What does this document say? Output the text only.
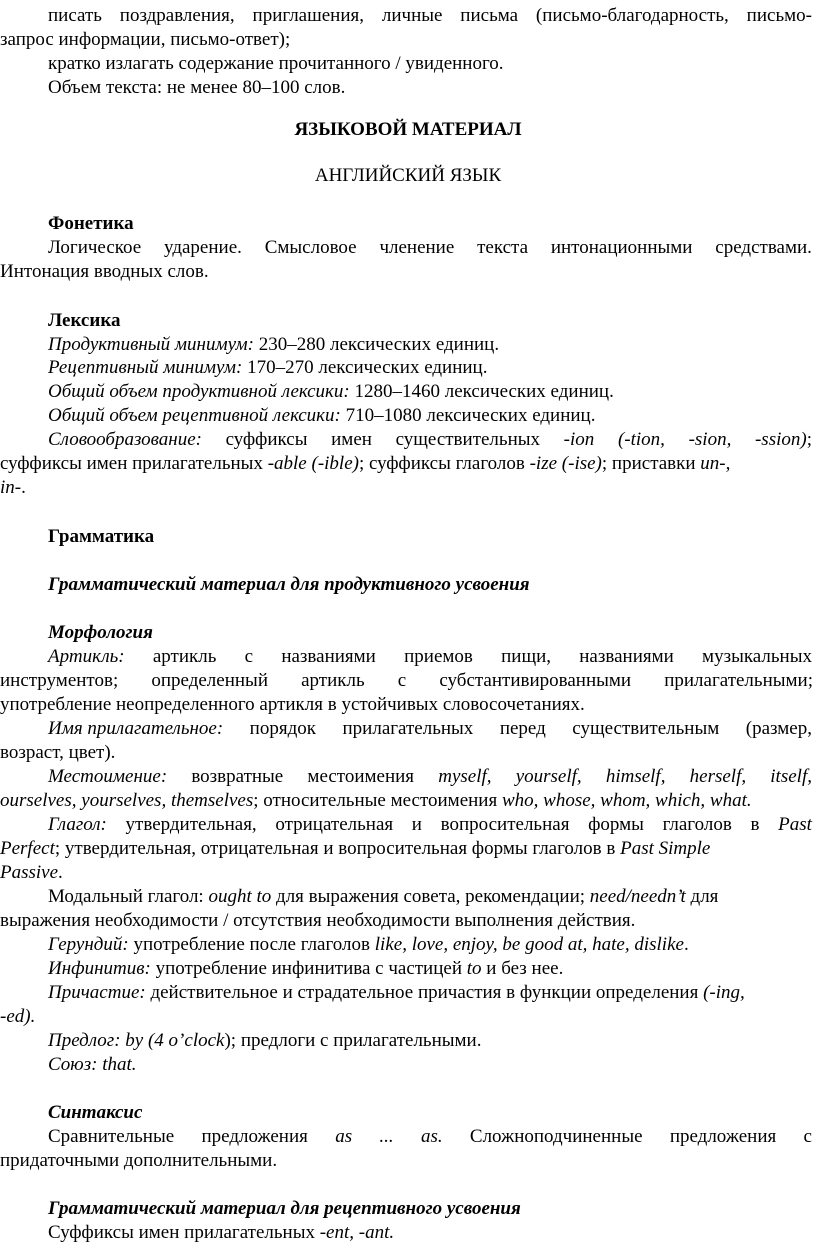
писать поздравления, приглашения, личные письма (письмо-благодарность, письмо-
запрос информации, письмо-ответ);
кратко излагать содержание прочитанного / увиденного.
Объем текста: не менее 80–100 слов.
ЯЗЫКОВОЙ МАТЕРИАЛ
АНГЛИЙСКИЙ ЯЗЫК
Фонетика
Логическое ударение. Смысловое членение текста интонационными средствами.
Интонация вводных слов.
Лексика
Продуктивный минимум: 230–280 лексических единиц.
Рецептивный минимум: 170–270 лексических единиц.
Общий объем продуктивной лексики: 1280–1460 лексических единиц.
Общий объем рецептивной лексики: 710–1080 лексических единиц.
Словообразование: суффиксы имен существительных -ion (-tion, -sion, -ssion);
суффиксы имен прилагательных -able (-ible); суффиксы глаголов -ize (-ise); приставки un-,
in-.
Грамматика
Грамматический материал для продуктивного усвоения
Морфология
Артикль: артикль с названиями приемов пищи, названиями музыкальных
инструментов; определенный артикль с субстантивированными прилагательными;
употребление неопределенного артикля в устойчивых словосочетаниях.
Имя прилагательное: порядок прилагательных перед существительным (размер,
возраст, цвет).
Местоимение: возвратные местоимения myself, yourself, himself, herself, itself,
ourselves, yourselves, themselves; относительные местоимения who, whose, whom, which, what.
Глагол: утвердительная, отрицательная и вопросительная формы глаголов в Past
Perfect; утвердительная, отрицательная и вопросительная формы глаголов в Past Simple
Passive.
Модальный глагол: ought to для выражения совета, рекомендации; need/needn’t для
выражения необходимости / отсутствия необходимости выполнения действия.
Герундий: употребление после глаголов like, love, enjoy, be good at, hate, dislike.
Инфинитив: употребление инфинитива с частицей to и без нее.
Причастие: действительное и страдательное причастия в функции определения (-ing,
-ed).
Предлог: by (4 o’clock); предлоги с прилагательными.
Союз: that.
Синтаксис
Сравнительные предложения as ... as. Сложноподчиненные предложения с
придаточными дополнительными.
Грамматический материал для рецептивного усвоения
Суффиксы имен прилагательных -ent, -ant.
